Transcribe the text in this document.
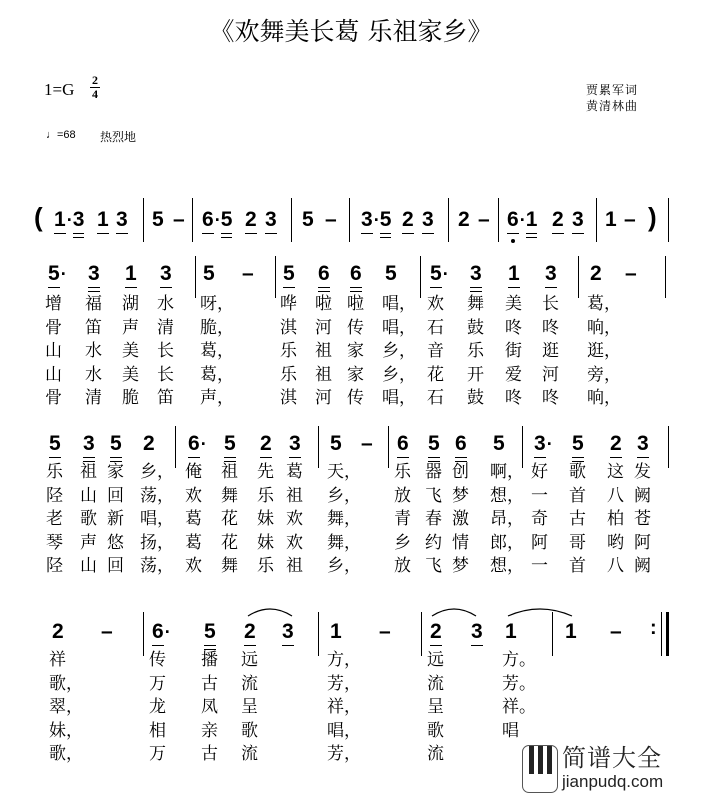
《欢舞美长葛 乐祖家乡》
1=G 2
4
♩=68 热烈地
贾累军词
黄清林曲
1·3 1 3 5 – 6·5 2 3 5 – 3·5 2 3 2 – 6
·1 2 3 1 –
5· 3 1 3 5 – 5 6 6 5 5· 3 1 3 2 –
增 福 湖 水 呀，	哗 啦 啦 唱， 欢 舞 美 长 葛，
骨 笛 声 清 脆，	淇 河 传 唱， 石 鼓 咚 咚 响，
山 水 美 长 葛，	乐 祖 家 乡， 音 乐 街 逛 逛，
山 水 美 长 葛，	乐 祖 家 乡， 花 开 爱 河 旁，
骨 清 脆 笛 声，	淇 河 传 唱， 石 鼓 咚 咚 响，
5 3 5 2 6· 5 2 3 5 – 6 5 6 5 3· 5 2 3
乐 祖 家 乡， 俺 祖 先 葛 天， 乐 器 创 啊， 好 歌 这 发
陉 山 回 荡， 欢 舞 乐 祖 乡， 放 飞 梦 想， 一 首 八 阙
老 歌 新 唱， 葛 花 妹 欢 舞， 青 春 激 昂， 奇 古 柏 苍
琴 声 悠 扬， 葛 花 妹 欢 舞， 乡 约 情 郎， 阿 哥 哟 阿
陉 山 回 荡， 欢 舞 乐 祖 乡， 放 飞 梦 想， 一 首 八 阙
2 – 6· 5 2 3 1 – 2 3 1 1 –
祥	传 播 远	方，	远	方。
歌，	万 古 流	芳，	流	芳。
翠，	龙 凤 呈	祥，	呈	祥。
妹，	相 亲 歌	唱，	歌	唱
歌，	万 古 流	芳，	流
(	)
:
简谱大全
jianpudq.com
